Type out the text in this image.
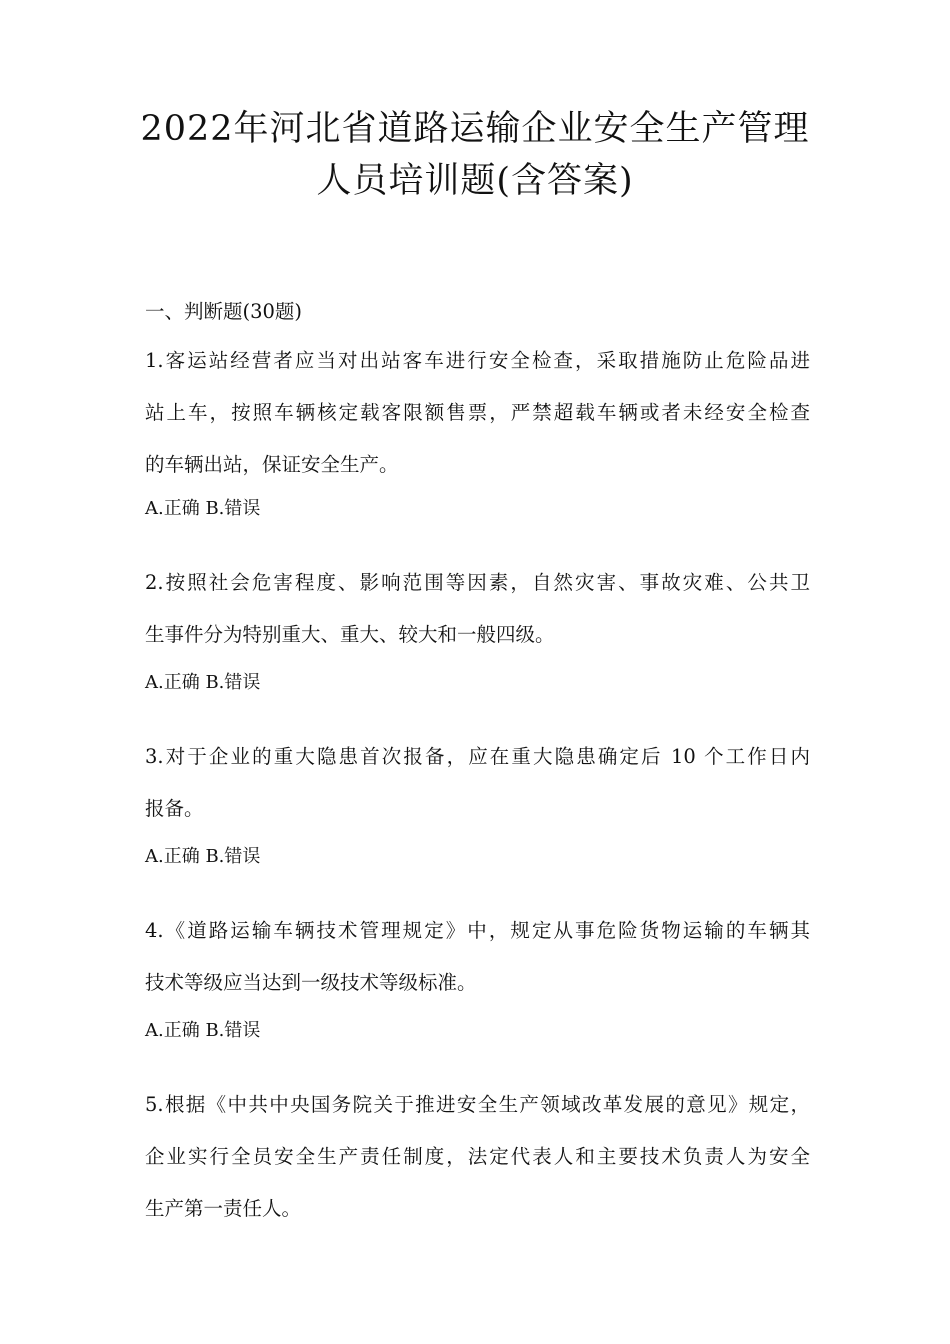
2022年河北省道路运输企业安全生产管理
人员培训题(含答案)
一、判断题(30题)
1.客运站经营者应当对出站客车进行安全检查，采取措施防止危险品进
站上车，按照车辆核定载客限额售票，严禁超载车辆或者未经安全检查
的车辆出站，保证安全生产。
A.正确 B.错误
2.按照社会危害程度、影响范围等因素，自然灾害、事故灾难、公共卫
生事件分为特别重大、重大、较大和一般四级。
A.正确 B.错误
3.对于企业的重大隐患首次报备，应在重大隐患确定后 10 个工作日内
报备。
A.正确 B.错误
4.《道路运输车辆技术管理规定》中，规定从事危险货物运输的车辆其
技术等级应当达到一级技术等级标准。
A.正确 B.错误
5.根据《中共中央国务院关于推进安全生产领域改革发展的意见》规定，
企业实行全员安全生产责任制度，法定代表人和主要技术负责人为安全
生产第一责任人。
